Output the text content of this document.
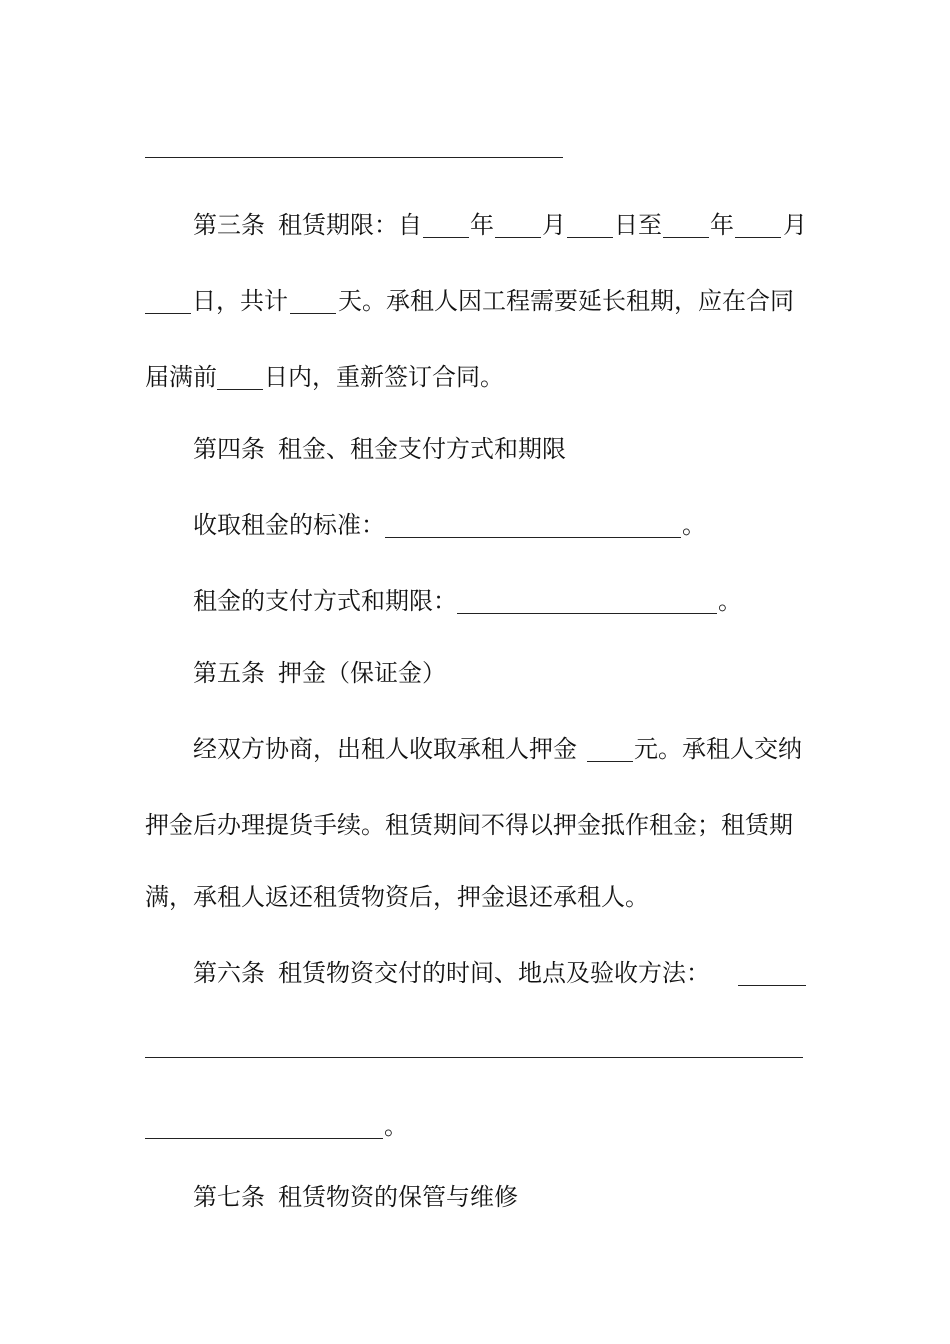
第三条 租赁期限： 自 年 月 日至 年 月
日，共计 天。承租人因工程需要延长租期，应在合同
届满前 日内，重新签订合同。
第四条 租金、租金支付方式和期限
收取租金的标准：	。
租金的支付方式和期限：	。
第五条 押金（保证金）
经双方协商，出租人收取承租人押金 元。承租人交纳
押金后办理提货手续。租赁期间不得以押金抵作租金；租赁期
满，承租人返还租赁物资后，押金退还承租人。
第六条 租赁物资交付的时间、地点及验收方法：
。
第七条 租赁物资的保管与维修
